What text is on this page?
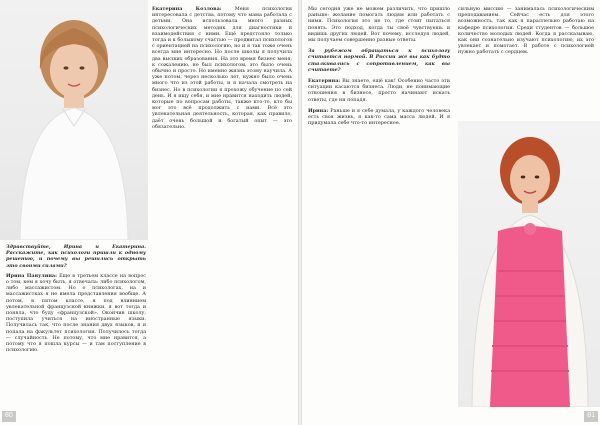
Здравствуйте, Ирина и Екатерина. Расскажите, как психологи пришли к одному решению, и почему вы решились открыть это своими силами?

Ирина Панулина: Еще в третьем классе на вопрос о том, кем я хочу быть, я отвечала: либо психологом, либо массажистом. Но о психологах, на и массажистках я не имела представления вообще. А потом, в пятом классе, я под влиянием увлекательной французской книжки, я вот тогда и поняла, что буду «французской». Окончив школу, поступила учиться на иностранные языки. Получилась так, что после знания двух языков, я и попала на факультет психологии. Получилось тогда — случайность. Не потому, что мне нравится, а потому что я пошла курсы — и там поступление в психологию.

Екатерина Козлова:	Меня психология интересовала с детства, потому что мама работала с детьми. Она использовала много разных психологических методик для диагностики и взаимодействия с ними. Ещё предстояло только тогда и к большому счастью — продвигал психологов с ориентацией на психологию, но и я так тоже очень всегда мне интересно. Но после школы я получила два высших образования. На это время бизнес меня, к сожалению, не был психологом, это было очень обычно и просто. Но именно жизнь этому научила. А уже потом, через несколько лет, нужно было очень много что из этой работы, и я начала смотреть на бизнес. Но в психологии я прохожу обучение по сей день. И я ищу себя, и мне нравится находить людей, которые по вопросам работы, также кто-то, кто бы мог это всё продолжить с нами. Всё это увлекательная деятельность, которая, как правило, даёт очень большой и богатый опыт — это обязательно.

80

Мы сегодня уже не можем различить, что пришло раньше: желание помогать людям или работать с ними. Психология это не то, где стоит пытаться понять. Это подход, когда ты своё чувствуешь и видишь других людей. Вот почему, исследуя людей, мы получаем совершенно разные ответы.

За рубежом обращаться к психологу считается нормой. В России же вы как будто сталкивались с сопротивлением, как вы считаете?

Екатерина: Вы знаете, ещё как! Особенно часто эти ситуации касаются бизнеса. Люди, не понимающие отношения в бизнесе, просто начинают искать ответы, где ни попадя.

Ирина: Раньше и я себе думала, у каждого человека есть своя жизнь, я как-то сама масса людей. И я придумала себе что-то интересное.

сильную миссию — занималась психологическим преподаванием. Сейчас есть для этого возможность, так как я параллельно работаю на кафедре психологии. Среди студентов — большое количество молодых людей. Когда я рассказываю, как они сознательно изучают психологию, их это увлекает и помогает. В работе с психологией нужно работать с сердцем.

81
